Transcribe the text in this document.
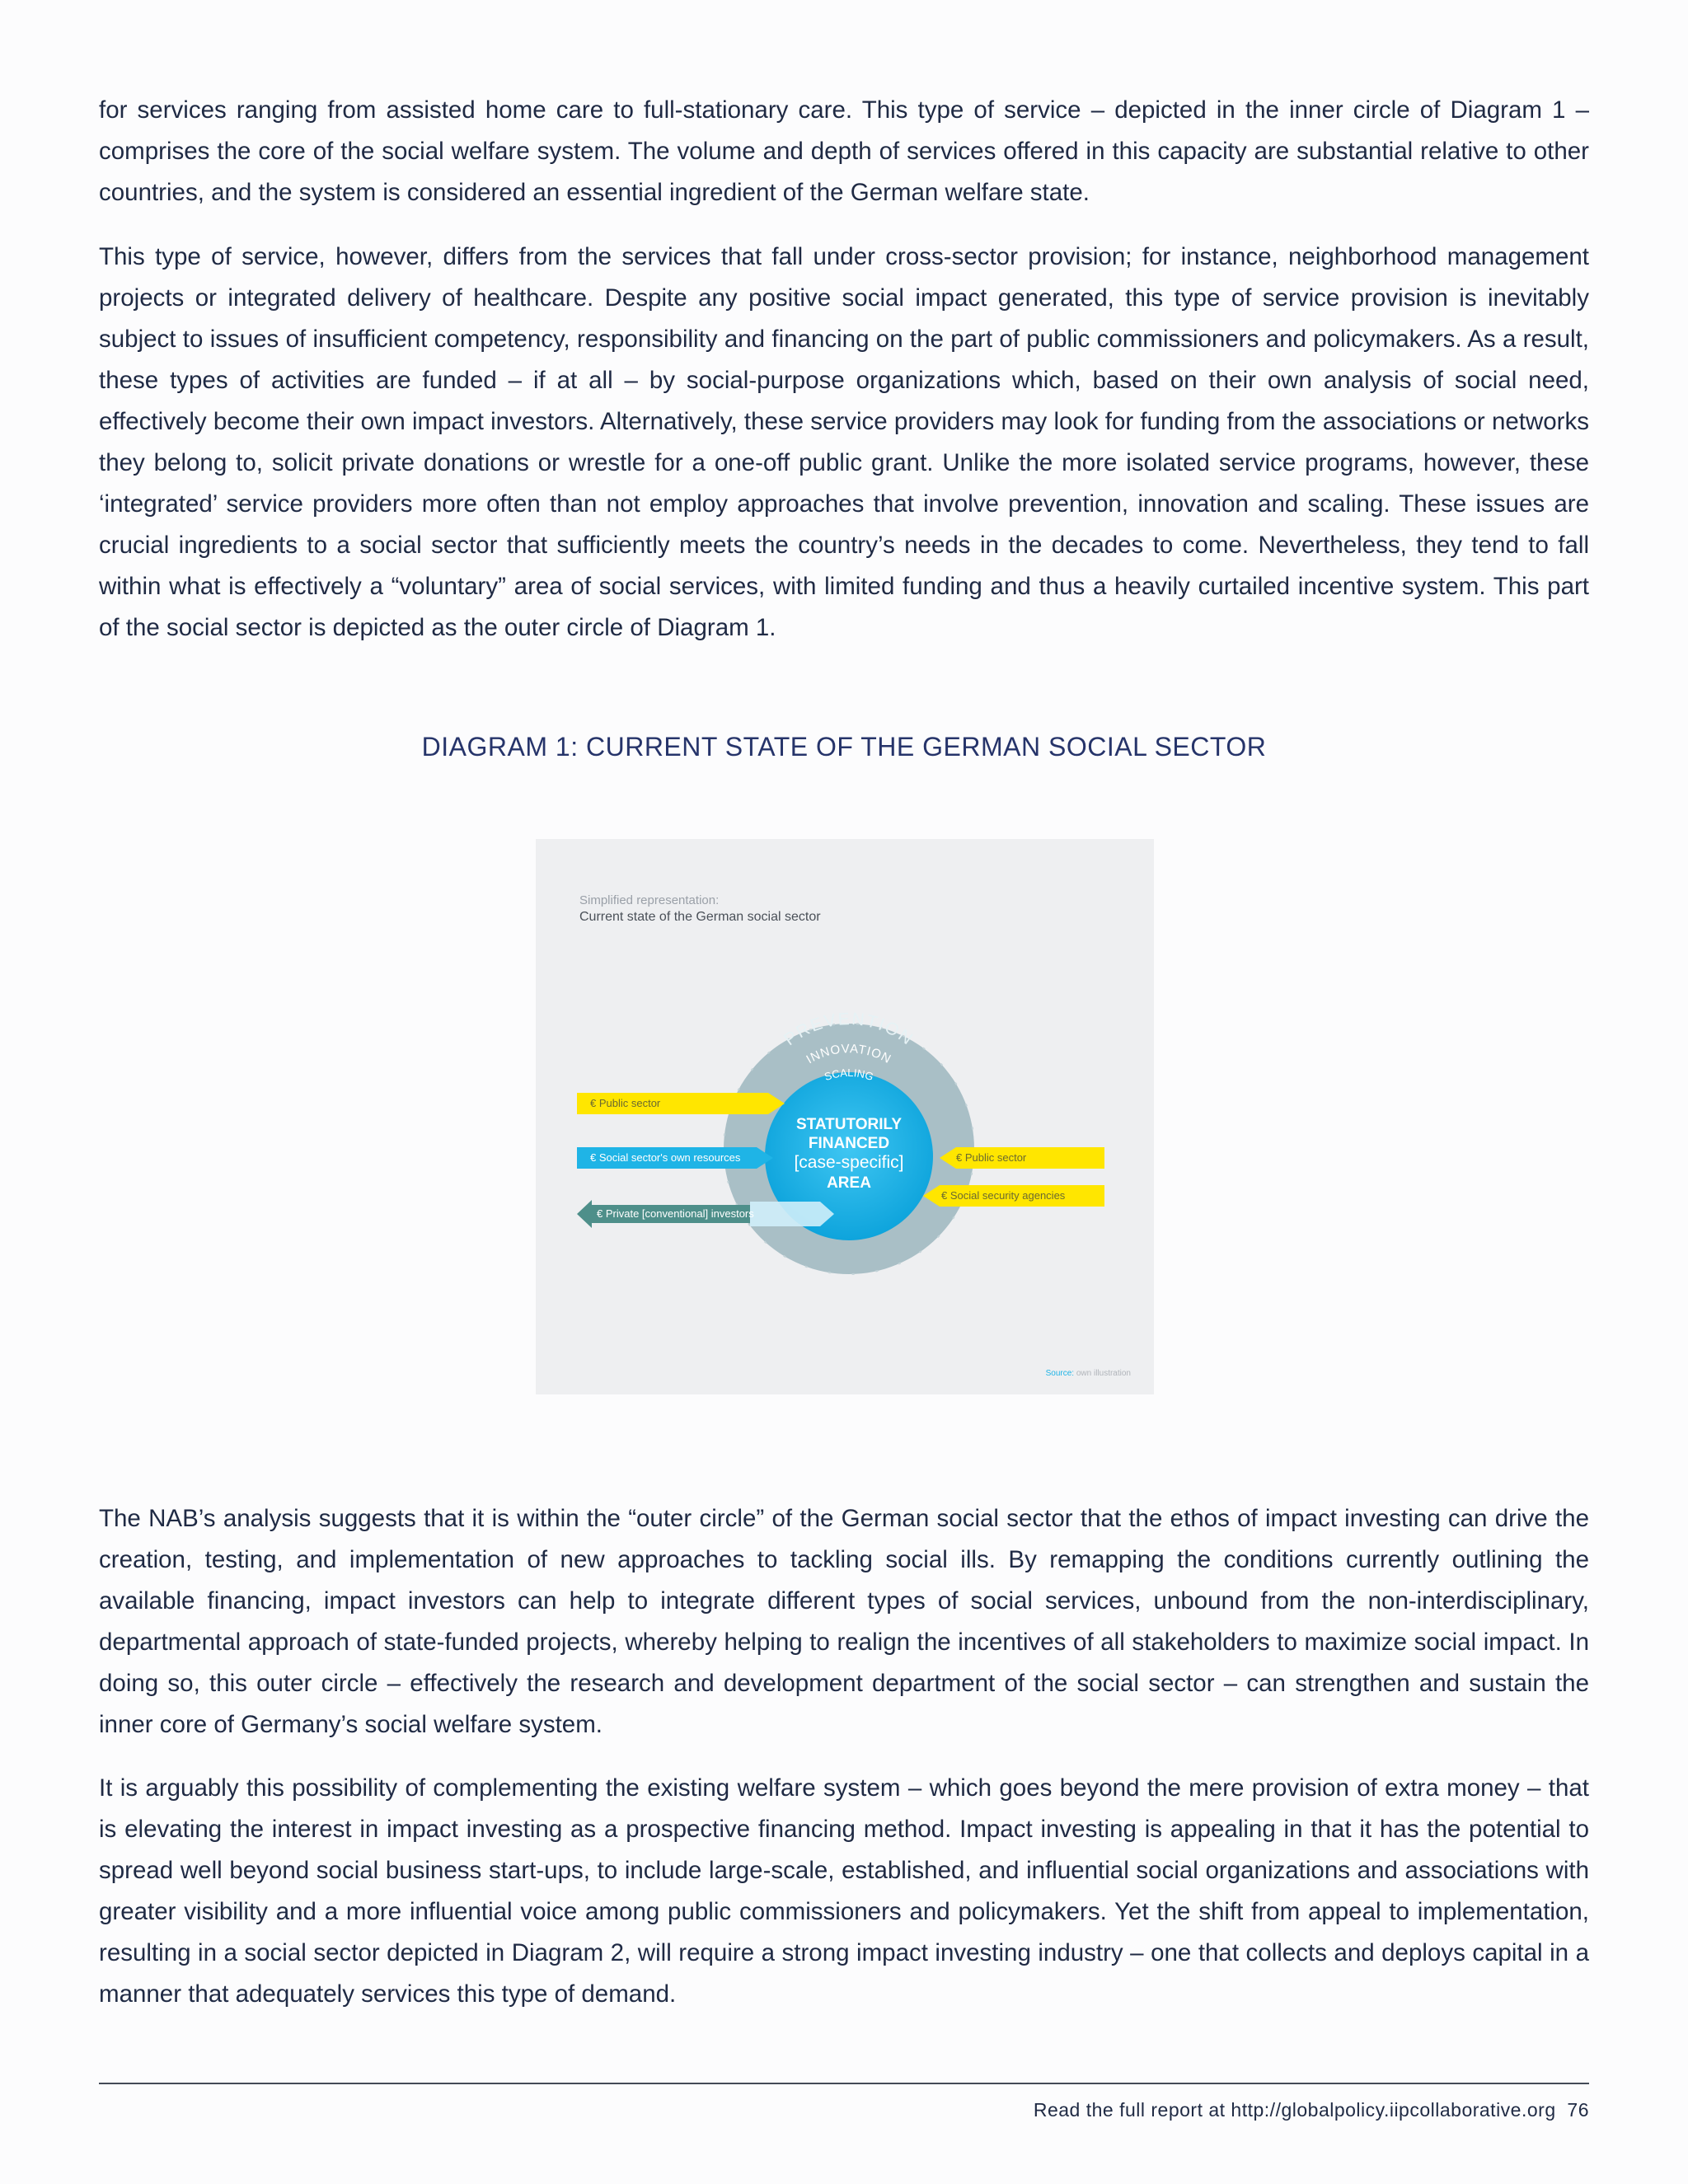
for services ranging from assisted home care to full-stationary care. This type of service – depicted in the inner circle of Diagram 1 – comprises the core of the social welfare system. The volume and depth of services offered in this capacity are substantial relative to other countries, and the system is considered an essential ingredient of the German welfare state.

This type of service, however, differs from the services that fall under cross-sector provision; for instance, neighborhood management projects or integrated delivery of healthcare. Despite any positive social impact generated, this type of service provision is inevitably subject to issues of insufficient competency, responsibility and financing on the part of public commissioners and policymakers. As a result, these types of activities are funded – if at all – by social-purpose organizations which, based on their own analysis of social need, effectively become their own impact investors. Alternatively, these service providers may look for funding from the associations or networks they belong to, solicit private donations or wrestle for a one-off public grant. Unlike the more isolated service programs, however, these ‘integrated’ service providers more often than not employ approaches that involve prevention, innovation and scaling. These issues are crucial ingredients to a social sector that sufficiently meets the country’s needs in the decades to come. Nevertheless, they tend to fall within what is effectively a “voluntary” area of social services, with limited funding and thus a heavily curtailed incentive system. This part of the social sector is depicted as the outer circle of Diagram 1.

DIAGRAM 1: CURRENT STATE OF THE GERMAN SOCIAL SECTOR
PREVENTION
INNOVATION
SCALING
Simplified representation:
Current state of the German social sector
€ Public sector
€ Social sector's own resources
€ Private [conventional] investors
€ Public sector
€ Social security agencies
STATUTORILY
FINANCED
[case-specific]
AREA
Source: own illustration

The NAB’s analysis suggests that it is within the “outer circle” of the German social sector that the ethos of impact investing can drive the creation, testing, and implementation of new approaches to tackling social ills. By remapping the conditions currently outlining the available financing, impact investors can help to integrate different types of social services, unbound from the non-interdisciplinary, departmental approach of state-funded projects, whereby helping to realign the incentives of all stakeholders to maximize social impact. In doing so, this outer circle – effectively the research and development department of the social sector – can strengthen and sustain the inner core of Germany’s social welfare system.

It is arguably this possibility of complementing the existing welfare system – which goes beyond the mere provision of extra money – that is elevating the interest in impact investing as a prospective financing method. Impact investing is appealing in that it has the potential to spread well beyond social business start-ups, to include large-scale, established, and influential social organizations and associations with greater visibility and a more influential voice among public commissioners and policymakers. Yet the shift from appeal to implementation, resulting in a social sector depicted in Diagram 2, will require a strong impact investing industry – one that collects and deploys capital in a manner that adequately services this type of demand.

Read the full report at http://globalpolicy.iipcollaborative.org 76
